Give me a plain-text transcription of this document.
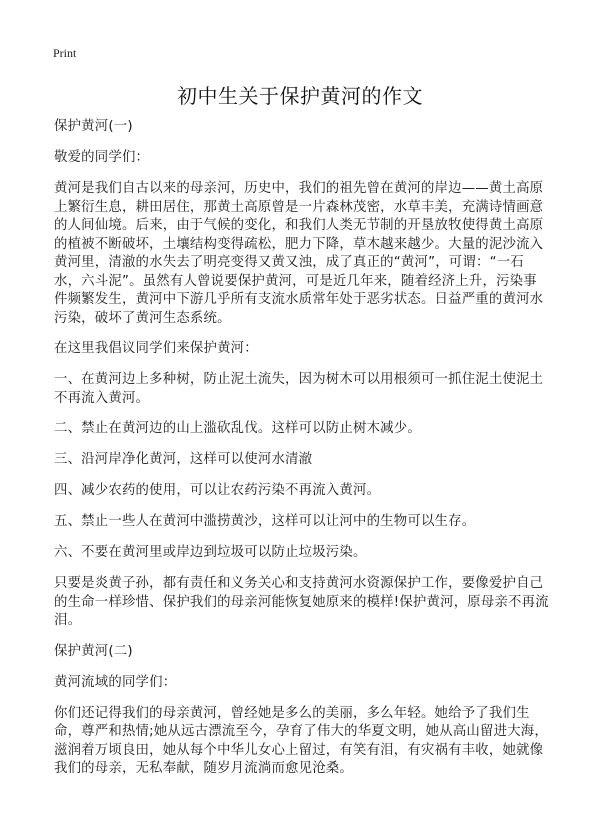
Print
初中生关于保护黄河的作文

保护黄河(一)

敬爱的同学们：

黄河是我们自古以来的母亲河，历史中，我们的祖先曾在黄河的岸边——黄土高原上繁衍生息，耕田居住，那黄土高原曾是一片森林茂密，水草丰美，充满诗情画意的人间仙境。后来，由于气候的变化，和我们人类无节制的开垦放牧使得黄土高原的植被不断破坏，土壤结构变得疏松，肥力下降，草木越来越少。大量的泥沙流入黄河里，清澈的水失去了明亮变得又黄又浊，成了真正的“黄河”，可谓：“一石水，六斗泥”。虽然有人曾说要保护黄河，可是近几年来，随着经济上升，污染事件频繁发生，黄河中下游几乎所有支流水质常年处于恶劣状态。日益严重的黄河水污染，破坏了黄河生态系统。

在这里我倡议同学们来保护黄河：

一、在黄河边上多种树，防止泥土流失，因为树木可以用根须可一抓住泥土使泥土不再流入黄河。

二、禁止在黄河边的山上滥砍乱伐。这样可以防止树木减少。

三、沿河岸净化黄河，这样可以使河水清澈

四、减少农药的使用，可以让农药污染不再流入黄河。

五、禁止一些人在黄河中滥捞黄沙，这样可以让河中的生物可以生存。

六、不要在黄河里或岸边到垃圾可以防止垃圾污染。

只要是炎黄子孙，都有责任和义务关心和支持黄河水资源保护工作，要像爱护自己的生命一样珍惜、保护我们的母亲河能恢复她原来的模样!保护黄河，原母亲不再流泪。

保护黄河(二)

黄河流域的同学们：

你们还记得我们的母亲黄河，曾经她是多么的美丽，多么年轻。她给予了我们生命，尊严和热情;她从远古漂流至今，孕育了伟大的华夏文明，她从高山留进大海，滋润着万顷良田，她从每个中华儿女心上留过，有笑有泪，有灾祸有丰收，她就像我们的母亲，无私奉献，随岁月流淌而愈见沧桑。
